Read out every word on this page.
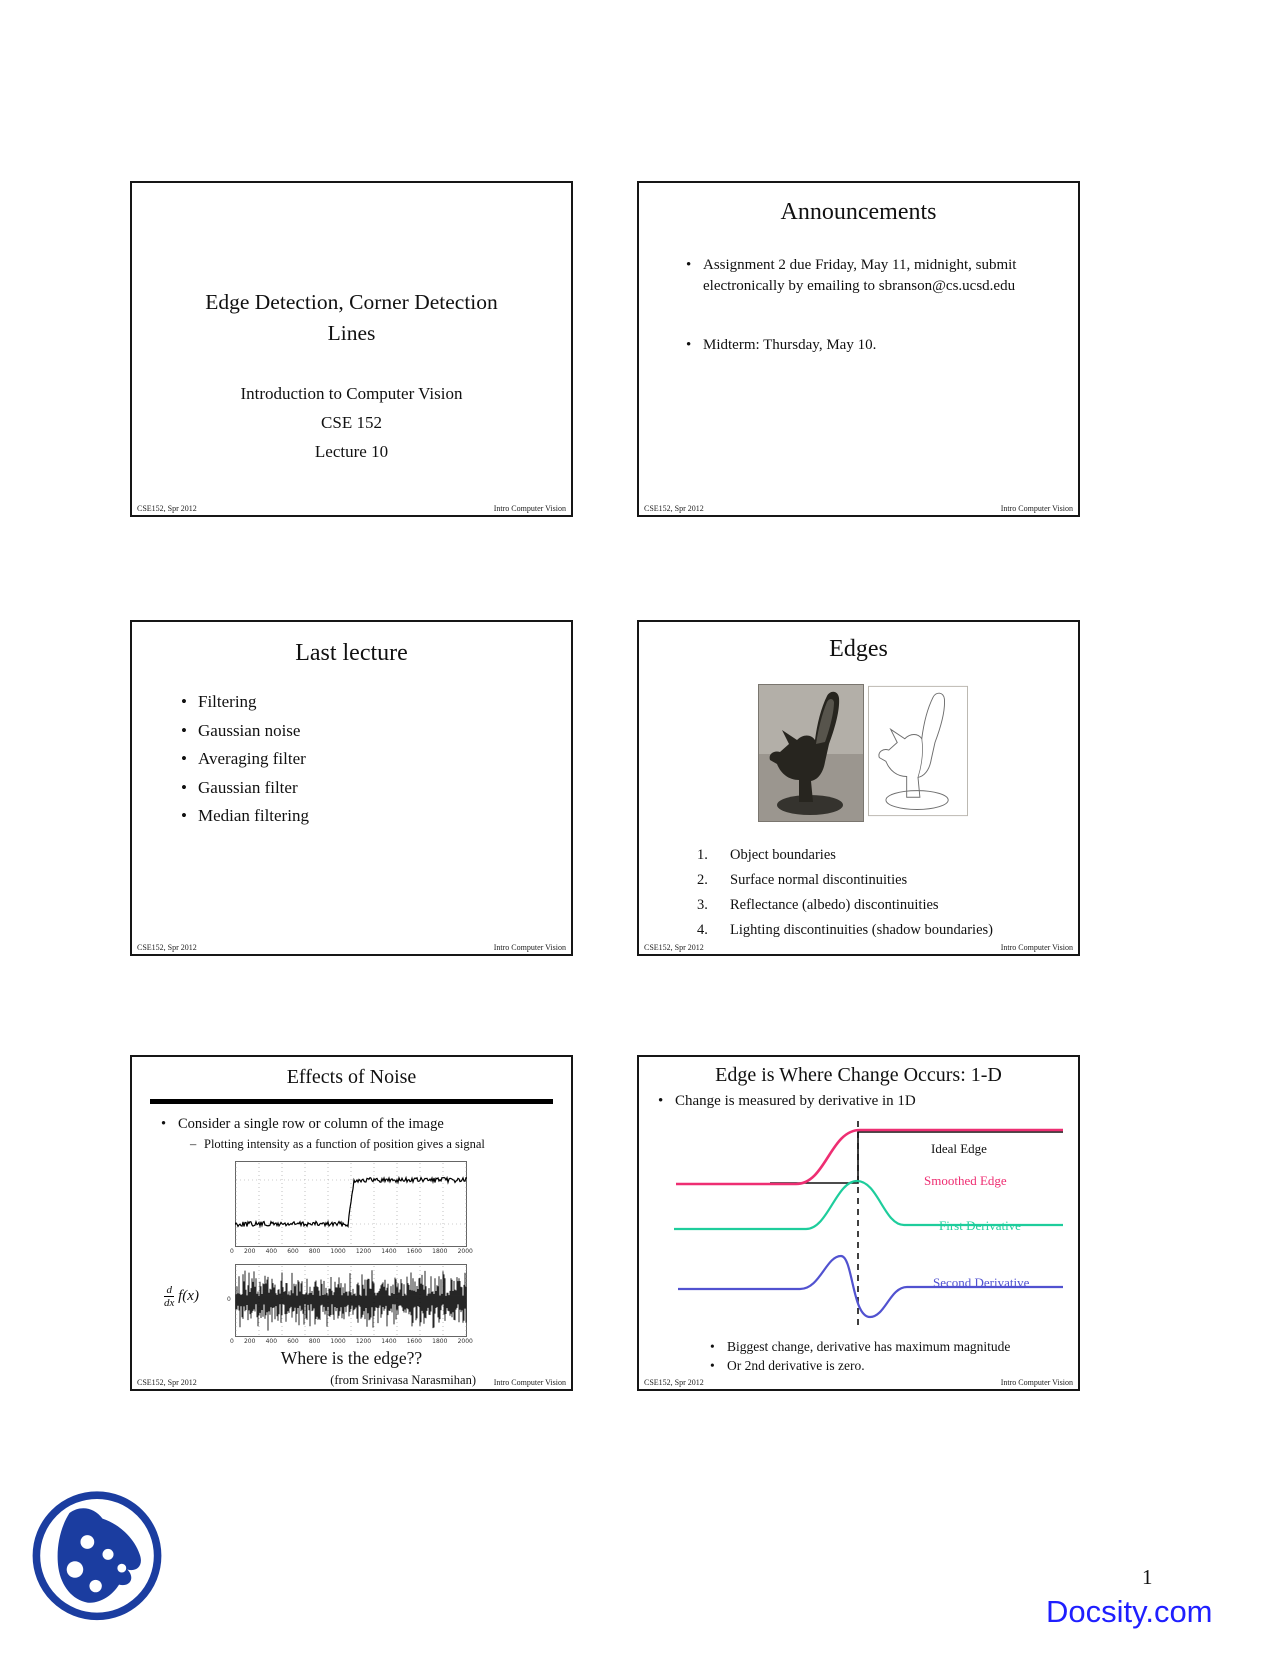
Edge Detection, Corner Detection
Lines
Introduction to Computer Vision
CSE 152
Lecture 10
CSE152, Spr 2012	Intro Computer Vision
Announcements
• Assignment 2 due Friday, May 11, midnight, submit electronically by emailing to sbranson@cs.ucsd.edu
• Midterm: Thursday, May 10.
CSE152, Spr 2012	Intro Computer Vision
Last lecture
• Filtering
• Gaussian noise
• Averaging filter
• Gaussian filter
• Median filtering
CSE152, Spr 2012	Intro Computer Vision
Edges
1.	Object boundaries
2.	Surface normal discontinuities
3.	Reflectance (albedo) discontinuities
4.	Lighting discontinuities (shadow boundaries)
CSE152, Spr 2012	Intro Computer Vision
Effects of Noise
• Consider a single row or column of the image
– Plotting intensity as a function of position gives a signal
0 200 400 600 800 1000 1200 1400 1600 1800 2000
$\frac{d}{dx} f(x)$	0
0 200 400 600 800 1000 1200 1400 1600 1800 2000
Where is the edge??
(from Srinivasa Narasmihan)
CSE152, Spr 2012	Intro Computer Vision
Edge is Where Change Occurs: 1-D
• Change is measured by derivative in 1D
Ideal Edge
Smoothed Edge
First Derivative
Second Derivative
• Biggest change, derivative has maximum magnitude
• Or 2nd derivative is zero.
CSE152, Spr 2012	Intro Computer Vision
1
Docsity.com
